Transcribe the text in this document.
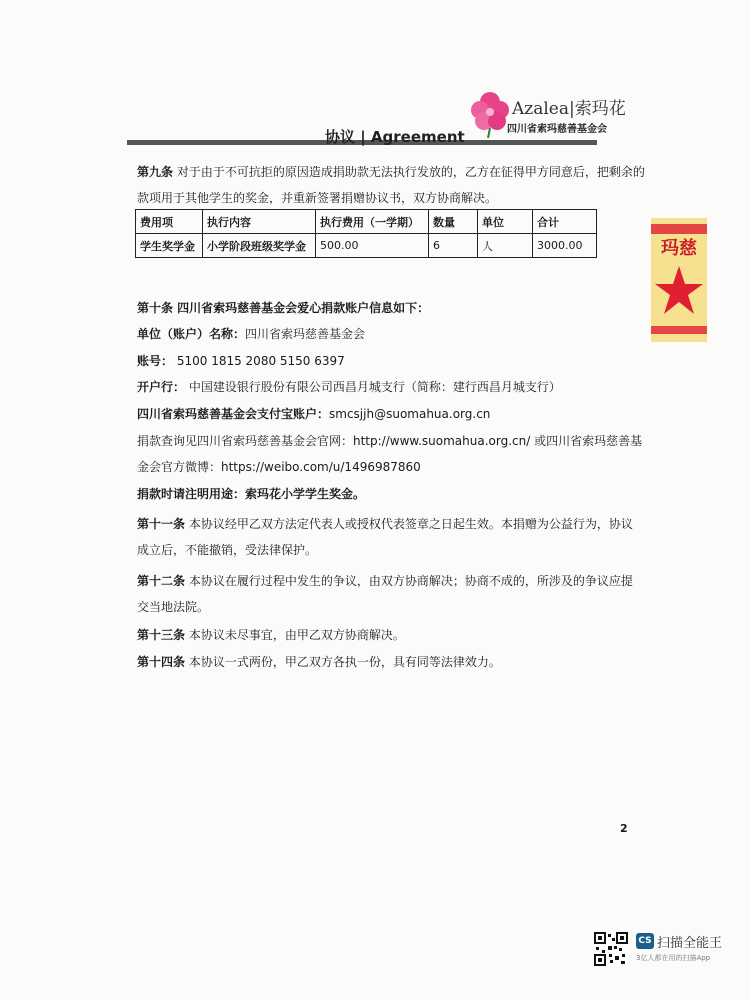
Azalea|索玛花
四川省索玛慈善基金会
协议 | Agreement
第九条 对于由于不可抗拒的原因造成捐助款无法执行发放的，乙方在征得甲方同意后，把剩余的
款项用于其他学生的奖金，并重新签署捐赠协议书，双方协商解决。
费用项	执行内容	执行费用（一学期）	数量	单位	合计
学生奖学金	小学阶段班级奖学金	500.00	6	人	3000.00	玛慈
第十条 四川省索玛慈善基金会爱心捐款账户信息如下：
单位（账户）名称：四川省索玛慈善基金会
账号： 5100 1815 2080 5150 6397
开户行： 中国建设银行股份有限公司西昌月城支行（简称：建行西昌月城支行）
四川省索玛慈善基金会支付宝账户：smcsjjh@suomahua.org.cn
捐款查询见四川省索玛慈善基金会官网：http://www.suomahua.org.cn/ 或四川省索玛慈善基
金会官方微博：https://weibo.com/u/1496987860
捐款时请注明用途：索玛花小学学生奖金。
第十一条 本协议经甲乙双方法定代表人或授权代表签章之日起生效。本捐赠为公益行为，协议
成立后，不能撤销，受法律保护。
第十二条 本协议在履行过程中发生的争议，由双方协商解决；协商不成的，所涉及的争议应提
交当地法院。
第十三条 本协议未尽事宜，由甲乙双方协商解决。
第十四条 本协议一式两份，甲乙双方各执一份，具有同等法律效力。
2
CS 扫描全能王
3亿人都在用的扫描App
